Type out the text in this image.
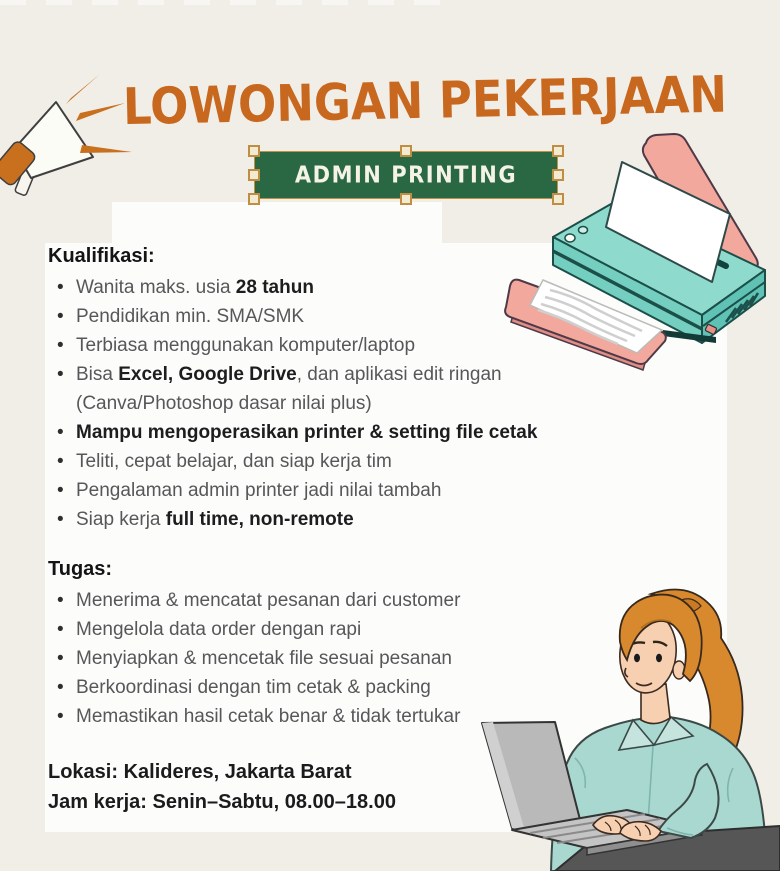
LOWONGAN PEKERJAAN
ADMIN PRINTING
Kualifikasi:
• Wanita maks. usia 28 tahun
• Pendidikan min. SMA/SMK
• Terbiasa menggunakan komputer/laptop
• Bisa Excel, Google Drive, dan aplikasi edit ringan
(Canva/Photoshop dasar nilai plus)
• Mampu mengoperasikan printer & setting file cetak
• Teliti, cepat belajar, dan siap kerja tim
• Pengalaman admin printer jadi nilai tambah
• Siap kerja full time, non-remote
Tugas:
• Menerima & mencatat pesanan dari customer
• Mengelola data order dengan rapi
• Menyiapkan & mencetak file sesuai pesanan
• Berkoordinasi dengan tim cetak & packing
• Memastikan hasil cetak benar & tidak tertukar
Lokasi: Kalideres, Jakarta Barat
Jam kerja: Senin–Sabtu, 08.00–18.00
